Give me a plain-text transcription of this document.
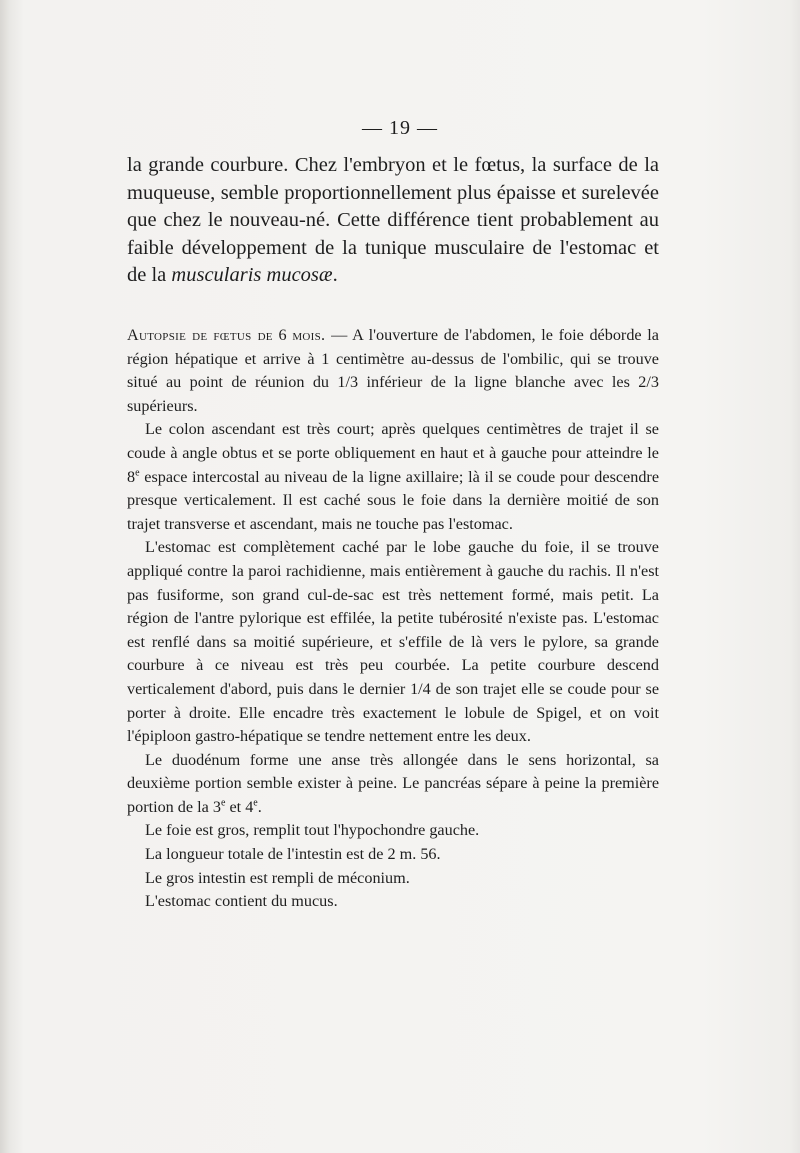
— 19 —

la grande courbure. Chez l'embryon et le fœtus, la surface de la muqueuse, semble proportionnellement plus épaisse et surelevée que chez le nouveau-né. Cette différence tient probablement au faible développement de la tunique musculaire de l'estomac et de la muscularis mucosæ.

Autopsie de fœtus de 6 mois. — A l'ouverture de l'abdomen, le foie déborde la région hépatique et arrive à 1 centimètre au-dessus de l'ombilic, qui se trouve situé au point de réunion du 1/3 inférieur de la ligne blanche avec les 2/3 supérieurs.

Le colon ascendant est très court; après quelques centimètres de trajet il se coude à angle obtus et se porte obliquement en haut et à gauche pour atteindre le 8e espace intercostal au niveau de la ligne axillaire; là il se coude pour descendre presque verticalement. Il est caché sous le foie dans la dernière moitié de son trajet transverse et ascendant, mais ne touche pas l'estomac.

L'estomac est complètement caché par le lobe gauche du foie, il se trouve appliqué contre la paroi rachidienne, mais entièrement à gauche du rachis. Il n'est pas fusiforme, son grand cul-de-sac est très nettement formé, mais petit. La région de l'antre pylorique est effilée, la petite tubérosité n'existe pas. L'estomac est renflé dans sa moitié supérieure, et s'effile de là vers le pylore, sa grande courbure à ce niveau est très peu courbée. La petite courbure descend verticalement d'abord, puis dans le dernier 1/4 de son trajet elle se coude pour se porter à droite. Elle encadre très exactement le lobule de Spigel, et on voit l'épiploon gastro-hépatique se tendre nettement entre les deux.

Le duodénum forme une anse très allongée dans le sens horizontal, sa deuxième portion semble exister à peine. Le pancréas sépare à peine la première portion de la 3e et 4e.

Le foie est gros, remplit tout l'hypochondre gauche.

La longueur totale de l'intestin est de 2 m. 56.

Le gros intestin est rempli de méconium.

L'estomac contient du mucus.
